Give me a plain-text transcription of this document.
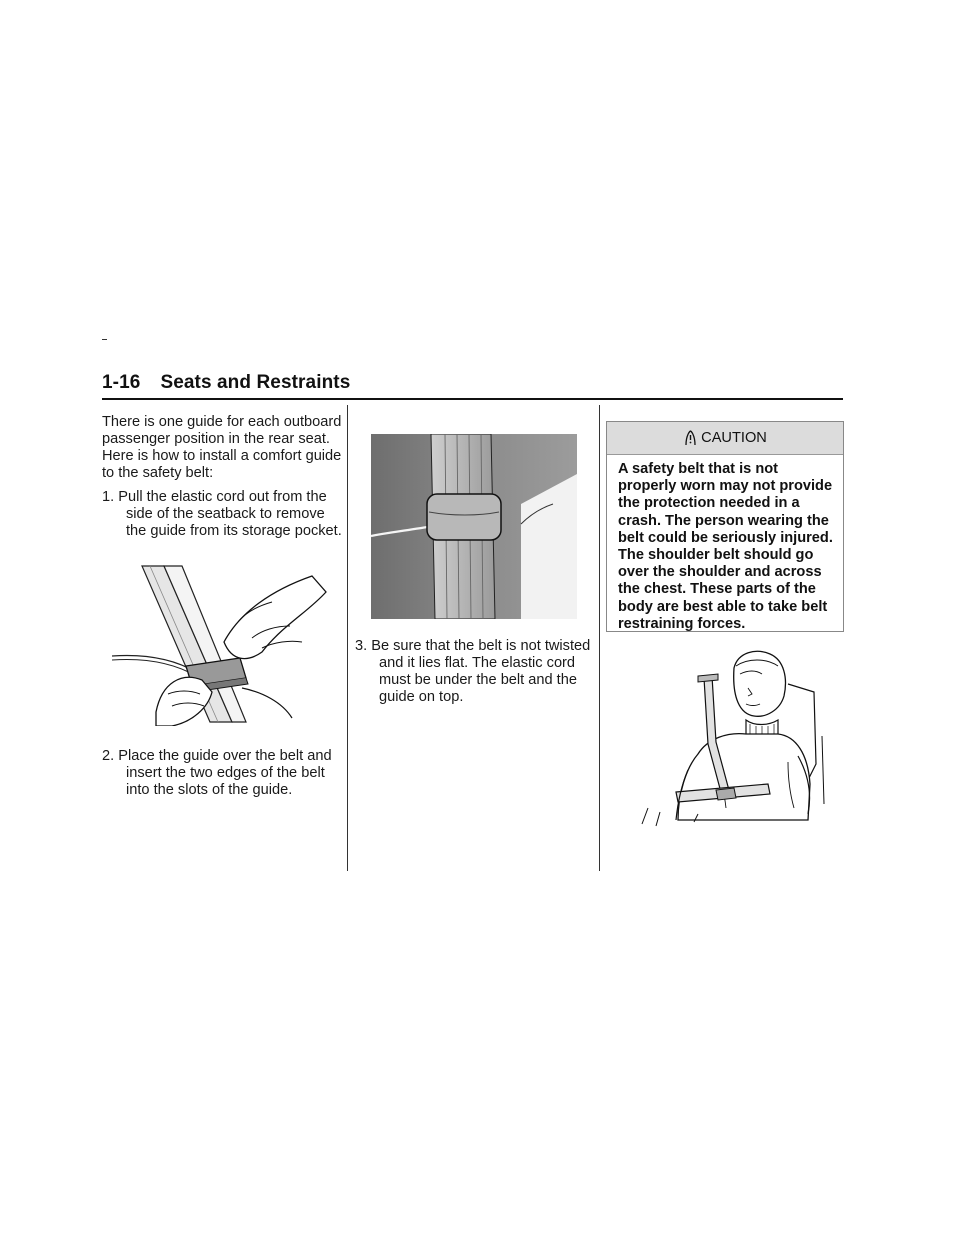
1-16 Seats and Restraints

There is one guide for each outboard passenger position in the rear seat. Here is how to install a comfort guide to the safety belt:

1. Pull the elastic cord out from the side of the seatback to remove the guide from its storage pocket.

2. Place the guide over the belt and insert the two edges of the belt into the slots of the guide.

3. Be sure that the belt is not twisted and it lies flat. The elastic cord must be under the belt and the guide on top.

CAUTION
A safety belt that is not properly worn may not provide the protection needed in a crash. The person wearing the belt could be seriously injured. The shoulder belt should go over the shoulder and across the chest. These parts of the body are best able to take belt restraining forces.
